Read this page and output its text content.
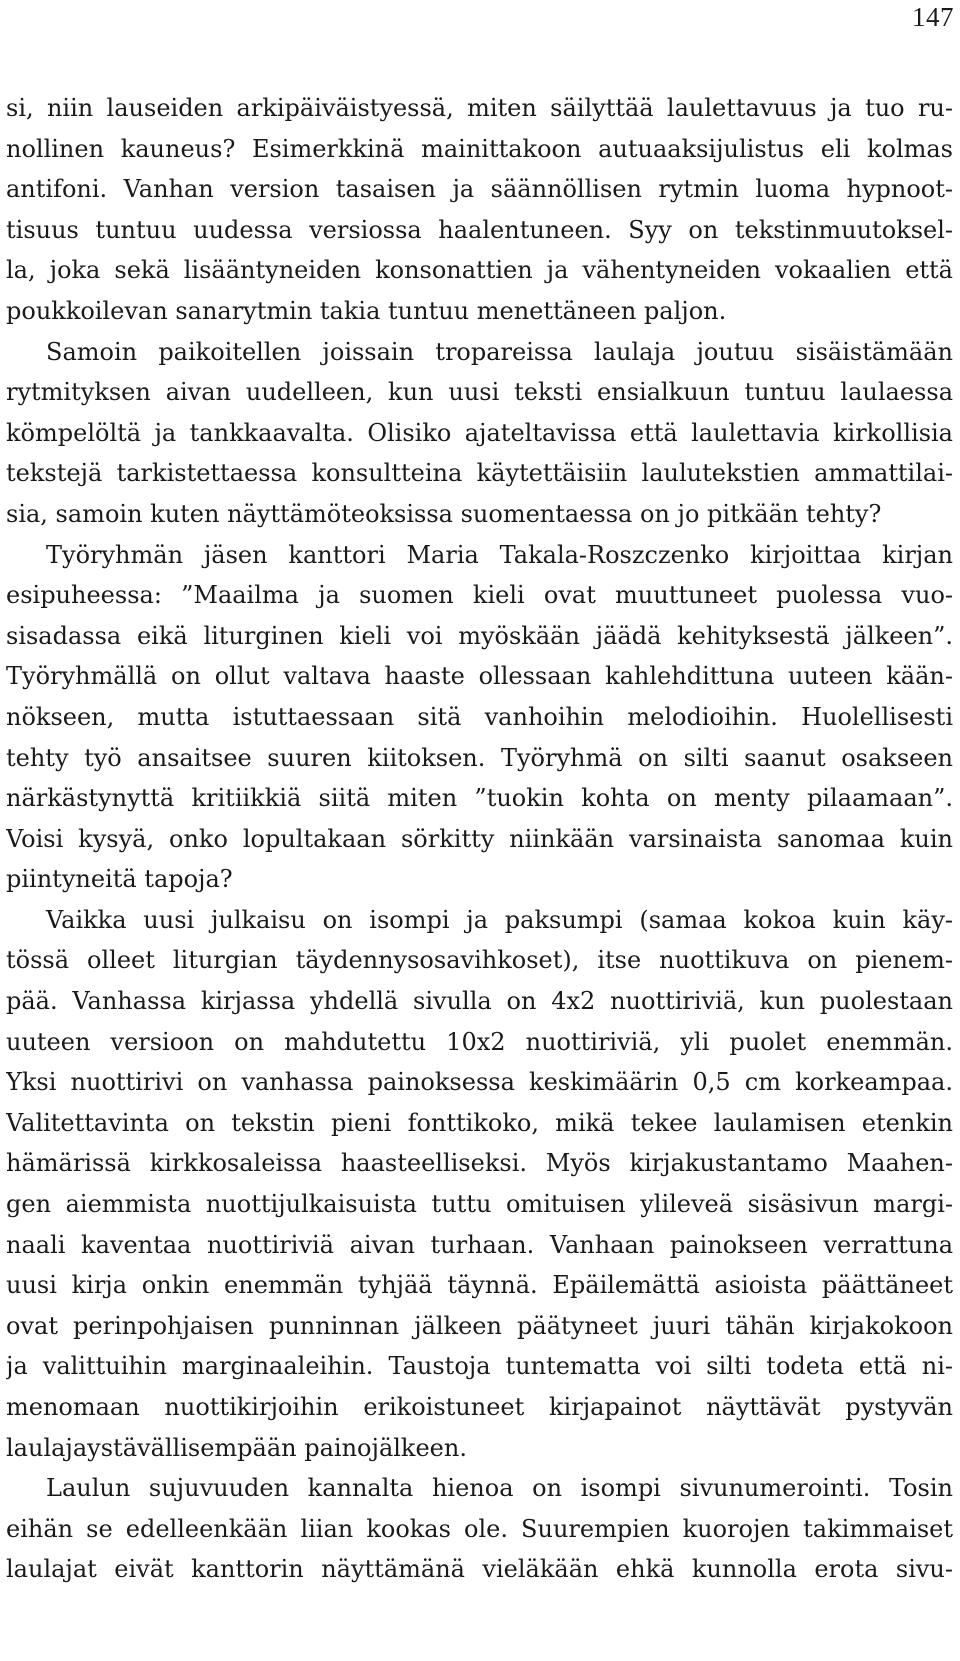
147
si, niin lauseiden arkipäiväistyessä, miten säilyttää laulettavuus ja tuo ru-
nollinen kauneus? Esimerkkinä mainittakoon autuaaksijulistus eli kolmas
antifoni. Vanhan version tasaisen ja säännöllisen rytmin luoma hypnoot-
tisuus tuntuu uudessa versiossa haalentuneen. Syy on tekstinmuutoksel-
la, joka sekä lisääntyneiden konsonattien ja vähentyneiden vokaalien että
poukkoilevan sanarytmin takia tuntuu menettäneen paljon.
Samoin paikoitellen joissain tropareissa laulaja joutuu sisäistämään
rytmityksen aivan uudelleen, kun uusi teksti ensialkuun tuntuu laulaessa
kömpelöltä ja tankkaavalta. Olisiko ajateltavissa että laulettavia kirkollisia
tekstejä tarkistettaessa konsultteina käytettäisiin laulutekstien ammattilai-
sia, samoin kuten näyttämöteoksissa suomentaessa on jo pitkään tehty?
Työryhmän jäsen kanttori Maria Takala-Roszczenko kirjoittaa kirjan
esipuheessa: ”Maailma ja suomen kieli ovat muuttuneet puolessa vuo-
sisadassa eikä liturginen kieli voi myöskään jäädä kehityksestä jälkeen”.
Työryhmällä on ollut valtava haaste ollessaan kahlehdittuna uuteen kään-
nökseen, mutta istuttaessaan sitä vanhoihin melodioihin. Huolellisesti
tehty työ ansaitsee suuren kiitoksen. Työryhmä on silti saanut osakseen
närkästynyttä kritiikkiä siitä miten ”tuokin kohta on menty pilaamaan”.
Voisi kysyä, onko lopultakaan sörkitty niinkään varsinaista sanomaa kuin
piintyneitä tapoja?
Vaikka uusi julkaisu on isompi ja paksumpi (samaa kokoa kuin käy-
tössä olleet liturgian täydennysosavihkoset), itse nuottikuva on pienem-
pää. Vanhassa kirjassa yhdellä sivulla on 4x2 nuottiriviä, kun puolestaan
uuteen versioon on mahdutettu 10x2 nuottiriviä, yli puolet enemmän.
Yksi nuottirivi on vanhassa painoksessa keskimäärin 0,5 cm korkeampaa.
Valitettavinta on tekstin pieni fonttikoko, mikä tekee laulamisen etenkin
hämärissä kirkkosaleissa haasteelliseksi. Myös kirjakustantamo Maahen-
gen aiemmista nuottijulkaisuista tuttu omituisen ylileveä sisäsivun margi-
naali kaventaa nuottiriviä aivan turhaan. Vanhaan painokseen verrattuna
uusi kirja onkin enemmän tyhjää täynnä. Epäilemättä asioista päättäneet
ovat perinpohjaisen punninnan jälkeen päätyneet juuri tähän kirjakokoon
ja valittuihin marginaaleihin. Taustoja tuntematta voi silti todeta että ni-
menomaan nuottikirjoihin erikoistuneet kirjapainot näyttävät pystyvän
laulajaystävällisempään painojälkeen.
Laulun sujuvuuden kannalta hienoa on isompi sivunumerointi. Tosin
eihän se edelleenkään liian kookas ole. Suurempien kuorojen takimmaiset
laulajat eivät kanttorin näyttämänä vieläkään ehkä kunnolla erota sivu-
